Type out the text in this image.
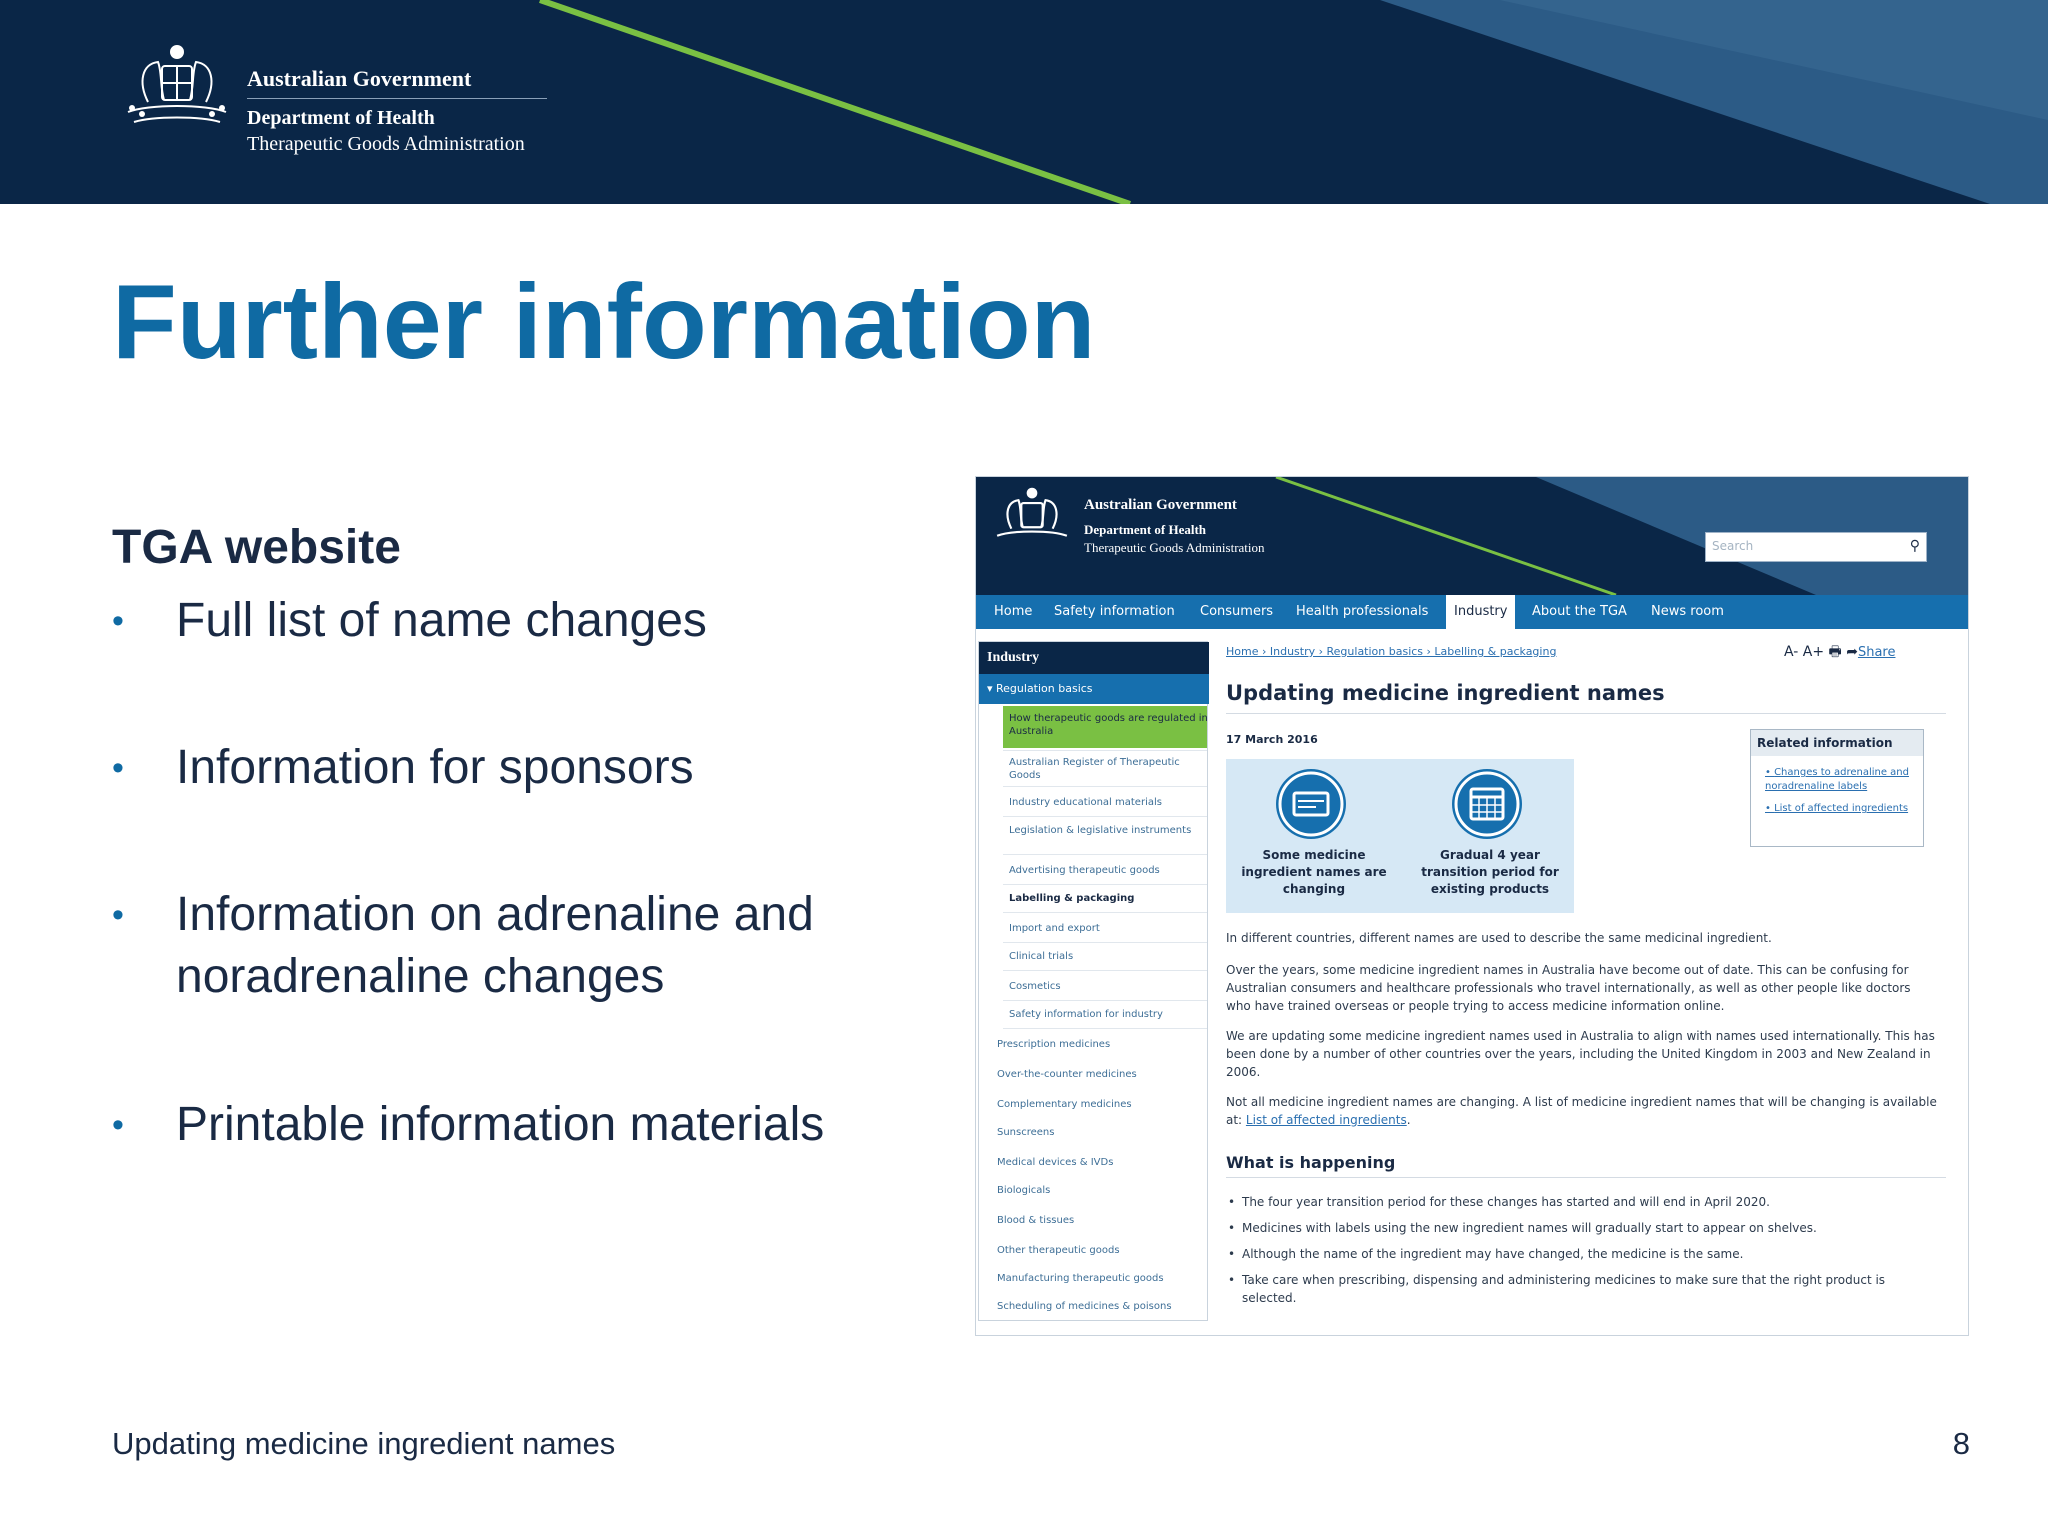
Australian Government
Department of Health
Therapeutic Goods Administration
Further information
TGA website
• Full list of name changes
• Information for sponsors
• Information on adrenaline and
noradrenaline changes
• Printable information materials
Australian Government
Department of Health
Therapeutic Goods Administration	Search	⚲
Home Safety information Consumers Health professionals	Industry	About the TGA News room
Industry
▾ Regulation basics
How therapeutic goods are regulated in Australia
Australian Register of Therapeutic Goods
Industry educational materials
Legislation & legislative instruments
Advertising therapeutic goods
Labelling & packaging
Import and export
Clinical trials
Cosmetics
Safety information for industry
Prescription medicines
Over-the-counter medicines
Complementary medicines
Sunscreens
Medical devices & IVDs
Biologicals
Blood & tissues
Other therapeutic goods
Manufacturing therapeutic goods
Scheduling of medicines & poisons
Home › Industry › Regulation basics › Labelling & packaging	A- A+ 🖶 ➦Share
Updating medicine ingredient names
17 March 2016
Some medicine ingredient names are changing
Gradual 4 year transition period for existing products
Related information
• Changes to adrenaline and noradrenaline labels
• List of affected ingredients
In different countries, different names are used to describe the same medicinal ingredient.
Over the years, some medicine ingredient names in Australia have become out of date. This can be confusing for Australian consumers and healthcare professionals who travel internationally, as well as other people like doctors who have trained overseas or people trying to access medicine information online.
We are updating some medicine ingredient names used in Australia to align with names used internationally. This has been done by a number of other countries over the years, including the United Kingdom in 2003 and New Zealand in 2006.
Not all medicine ingredient names are changing. A list of medicine ingredient names that will be changing is available at: List of affected ingredients.
What is happening
• The four year transition period for these changes has started and will end in April 2020.
• Medicines with labels using the new ingredient names will gradually start to appear on shelves.
• Although the name of the ingredient may have changed, the medicine is the same.
• Take care when prescribing, dispensing and administering medicines to make sure that the right product is selected.
Updating medicine ingredient names	8
